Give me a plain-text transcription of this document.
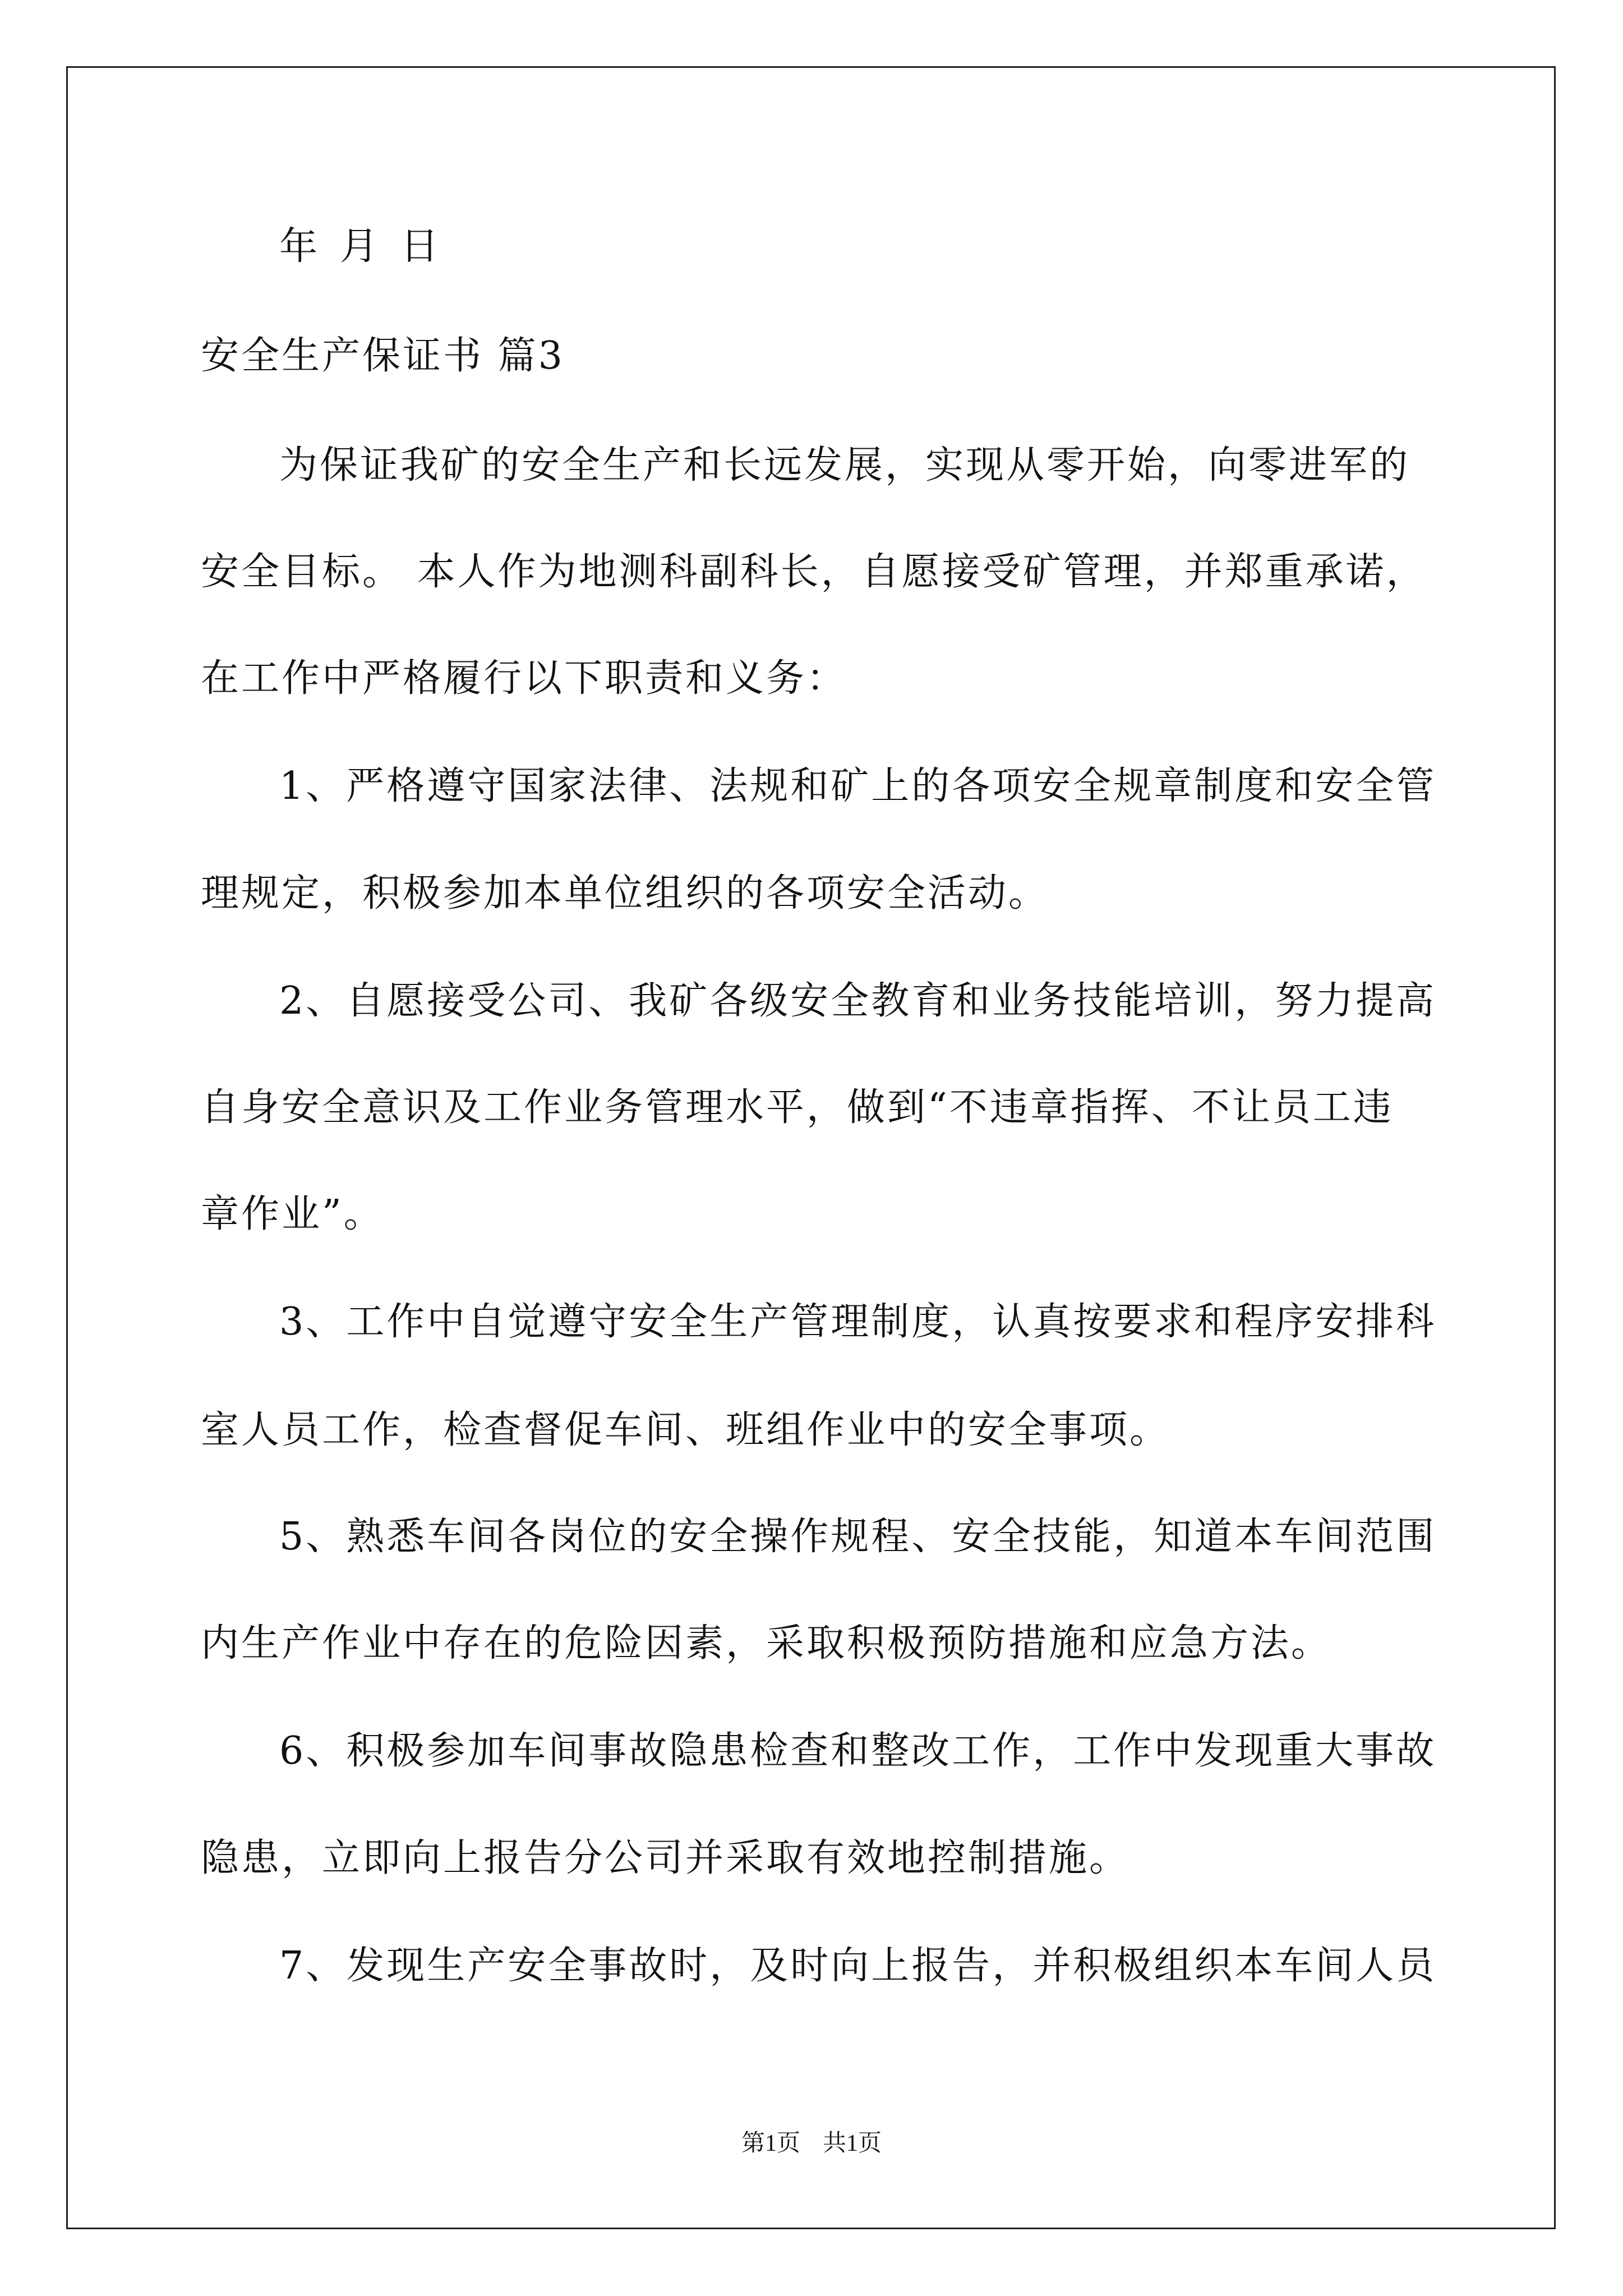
年 月 日
安全生产保证书 篇3
为保证我矿的安全生产和长远发展，实现从零开始，向零进军的
安全目标。 本人作为地测科副科长，自愿接受矿管理，并郑重承诺，
在工作中严格履行以下职责和义务：
1、严格遵守国家法律、法规和矿上的各项安全规章制度和安全管
理规定，积极参加本单位组织的各项安全活动。
2、自愿接受公司、我矿各级安全教育和业务技能培训，努力提高
自身安全意识及工作业务管理水平，做到“不违章指挥、不让员工违
章作业”。
3、工作中自觉遵守安全生产管理制度，认真按要求和程序安排科
室人员工作，检查督促车间、班组作业中的安全事项。
5、熟悉车间各岗位的安全操作规程、安全技能，知道本车间范围
内生产作业中存在的危险因素，采取积极预防措施和应急方法。
6、积极参加车间事故隐患检查和整改工作，工作中发现重大事故
隐患，立即向上报告分公司并采取有效地控制措施。
7、发现生产安全事故时，及时向上报告，并积极组织本车间人员
第1页 共1页
